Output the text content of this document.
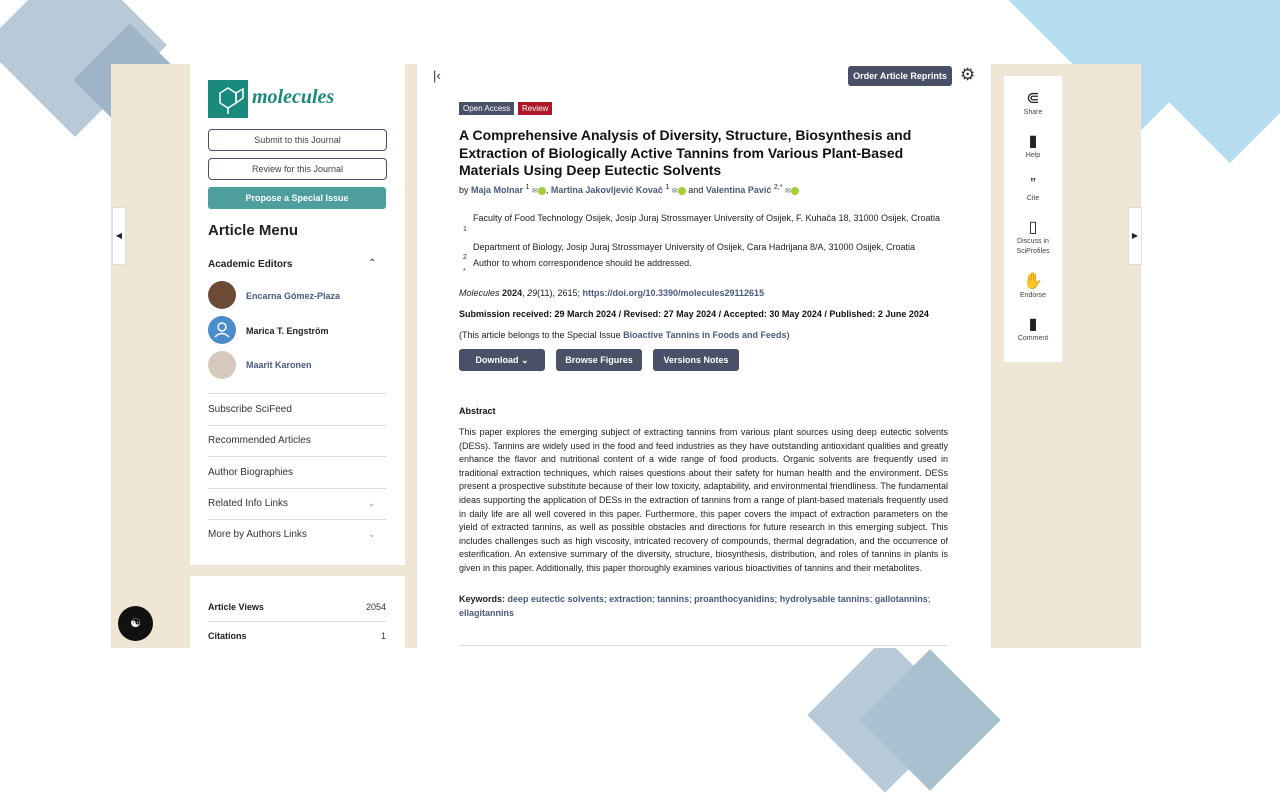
molecules
Submit to this Journal
Review for this Journal
Propose a Special Issue
Article Menu
Academic Editors	⌃
Encarna Gómez-Plaza
Marica T. Engström
Maarit Karonen
Subscribe SciFeed
Recommended Articles
Author Biographies
Related Info Links	⌄
More by Authors Links	⌄
Article Views	2054
Citations	1
|‹	Order Article Reprints ⚙
Open Access	Review
A Comprehensive Analysis of Diversity, Structure, Biosynthesis and Extraction of Biologically Active Tannins from Various Plant-Based Materials Using Deep Eutectic Solvents
by Maja Molnar $^1$ ✉ , Martina Jakovljević Kovač $^1$ ✉ and Valentina Pavić $^{2,*}$ ✉
1
Faculty of Food Technology Osijek, Josip Juraj Strossmayer University of Osijek, F. Kuhača 18, 31000 Osijek, Croatia
2
Department of Biology, Josip Juraj Strossmayer University of Osijek, Cara Hadrijana 8/A, 31000 Osijek, Croatia
*
Author to whom correspondence should be addressed.
Molecules 2024, 29(11), 2615; https://doi.org/10.3390/molecules29112615
Submission received: 29 March 2024 / Revised: 27 May 2024 / Accepted: 30 May 2024 / Published: 2 June 2024
(This article belongs to the Special Issue Bioactive Tannins in Foods and Feeds)
Download ⌄	Browse Figures	Versions Notes
Abstract
This paper explores the emerging subject of extracting tannins from various plant sources using deep eutectic solvents (DESs). Tannins are widely used in the food and feed industries as they have outstanding antioxidant qualities and greatly enhance the flavor and nutritional content of a wide range of food products. Organic solvents are frequently used in traditional extraction techniques, which raises questions about their safety for human health and the environment. DESs present a prospective substitute because of their low toxicity, adaptability, and environmental friendliness. The fundamental ideas supporting the application of DESs in the extraction of tannins from a range of plant-based materials frequently used in daily life are all well covered in this paper. Furthermore, this paper covers the impact of extraction parameters on the yield of extracted tannins, as well as possible obstacles and directions for future research in this emerging subject. This includes challenges such as high viscosity, intricated recovery of compounds, thermal degradation, and the occurrence of esterification. An extensive summary of the diversity, structure, biosynthesis, distribution, and roles of tannins in plants is given in this paper. Additionally, this paper thoroughly examines various bioactivities of tannins and their metabolites.
Keywords: deep eutectic solvents; extraction; tannins; proanthocyanidins; hydrolysable tannins; gallotannins; ellagitannins
⋐
Share
▮
Help
”
Cite
▯
Discuss in SciProfiles
✋
Endorse
▮
Comment
◀	▶
☯
